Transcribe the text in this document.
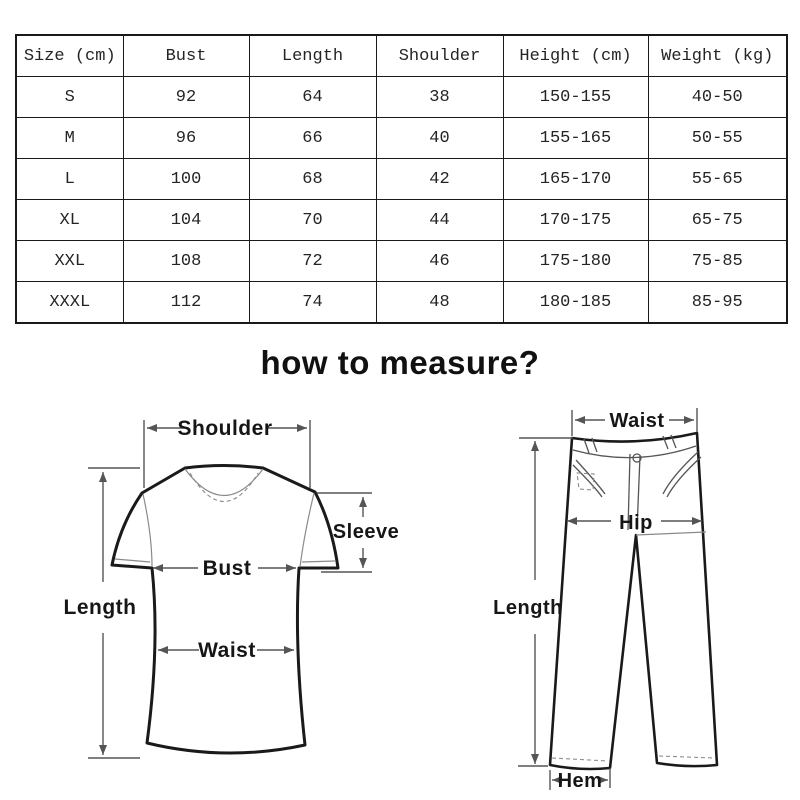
Size (cm)	Bust	Length	Shoulder	Height (cm)	Weight (kg)
S	92	64	38	150-155	40-50
M	96	66	40	155-165	50-55
L	100	68	42	165-170	55-65
XL	104	70	44	170-175	65-75
XXL	108	72	46	175-180	75-85
XXXL	112	74	48	180-185	85-95
how to measure?
Shoulder
Length
Bust
Sleeve
Waist
Waist
Hip
Length
Hem
